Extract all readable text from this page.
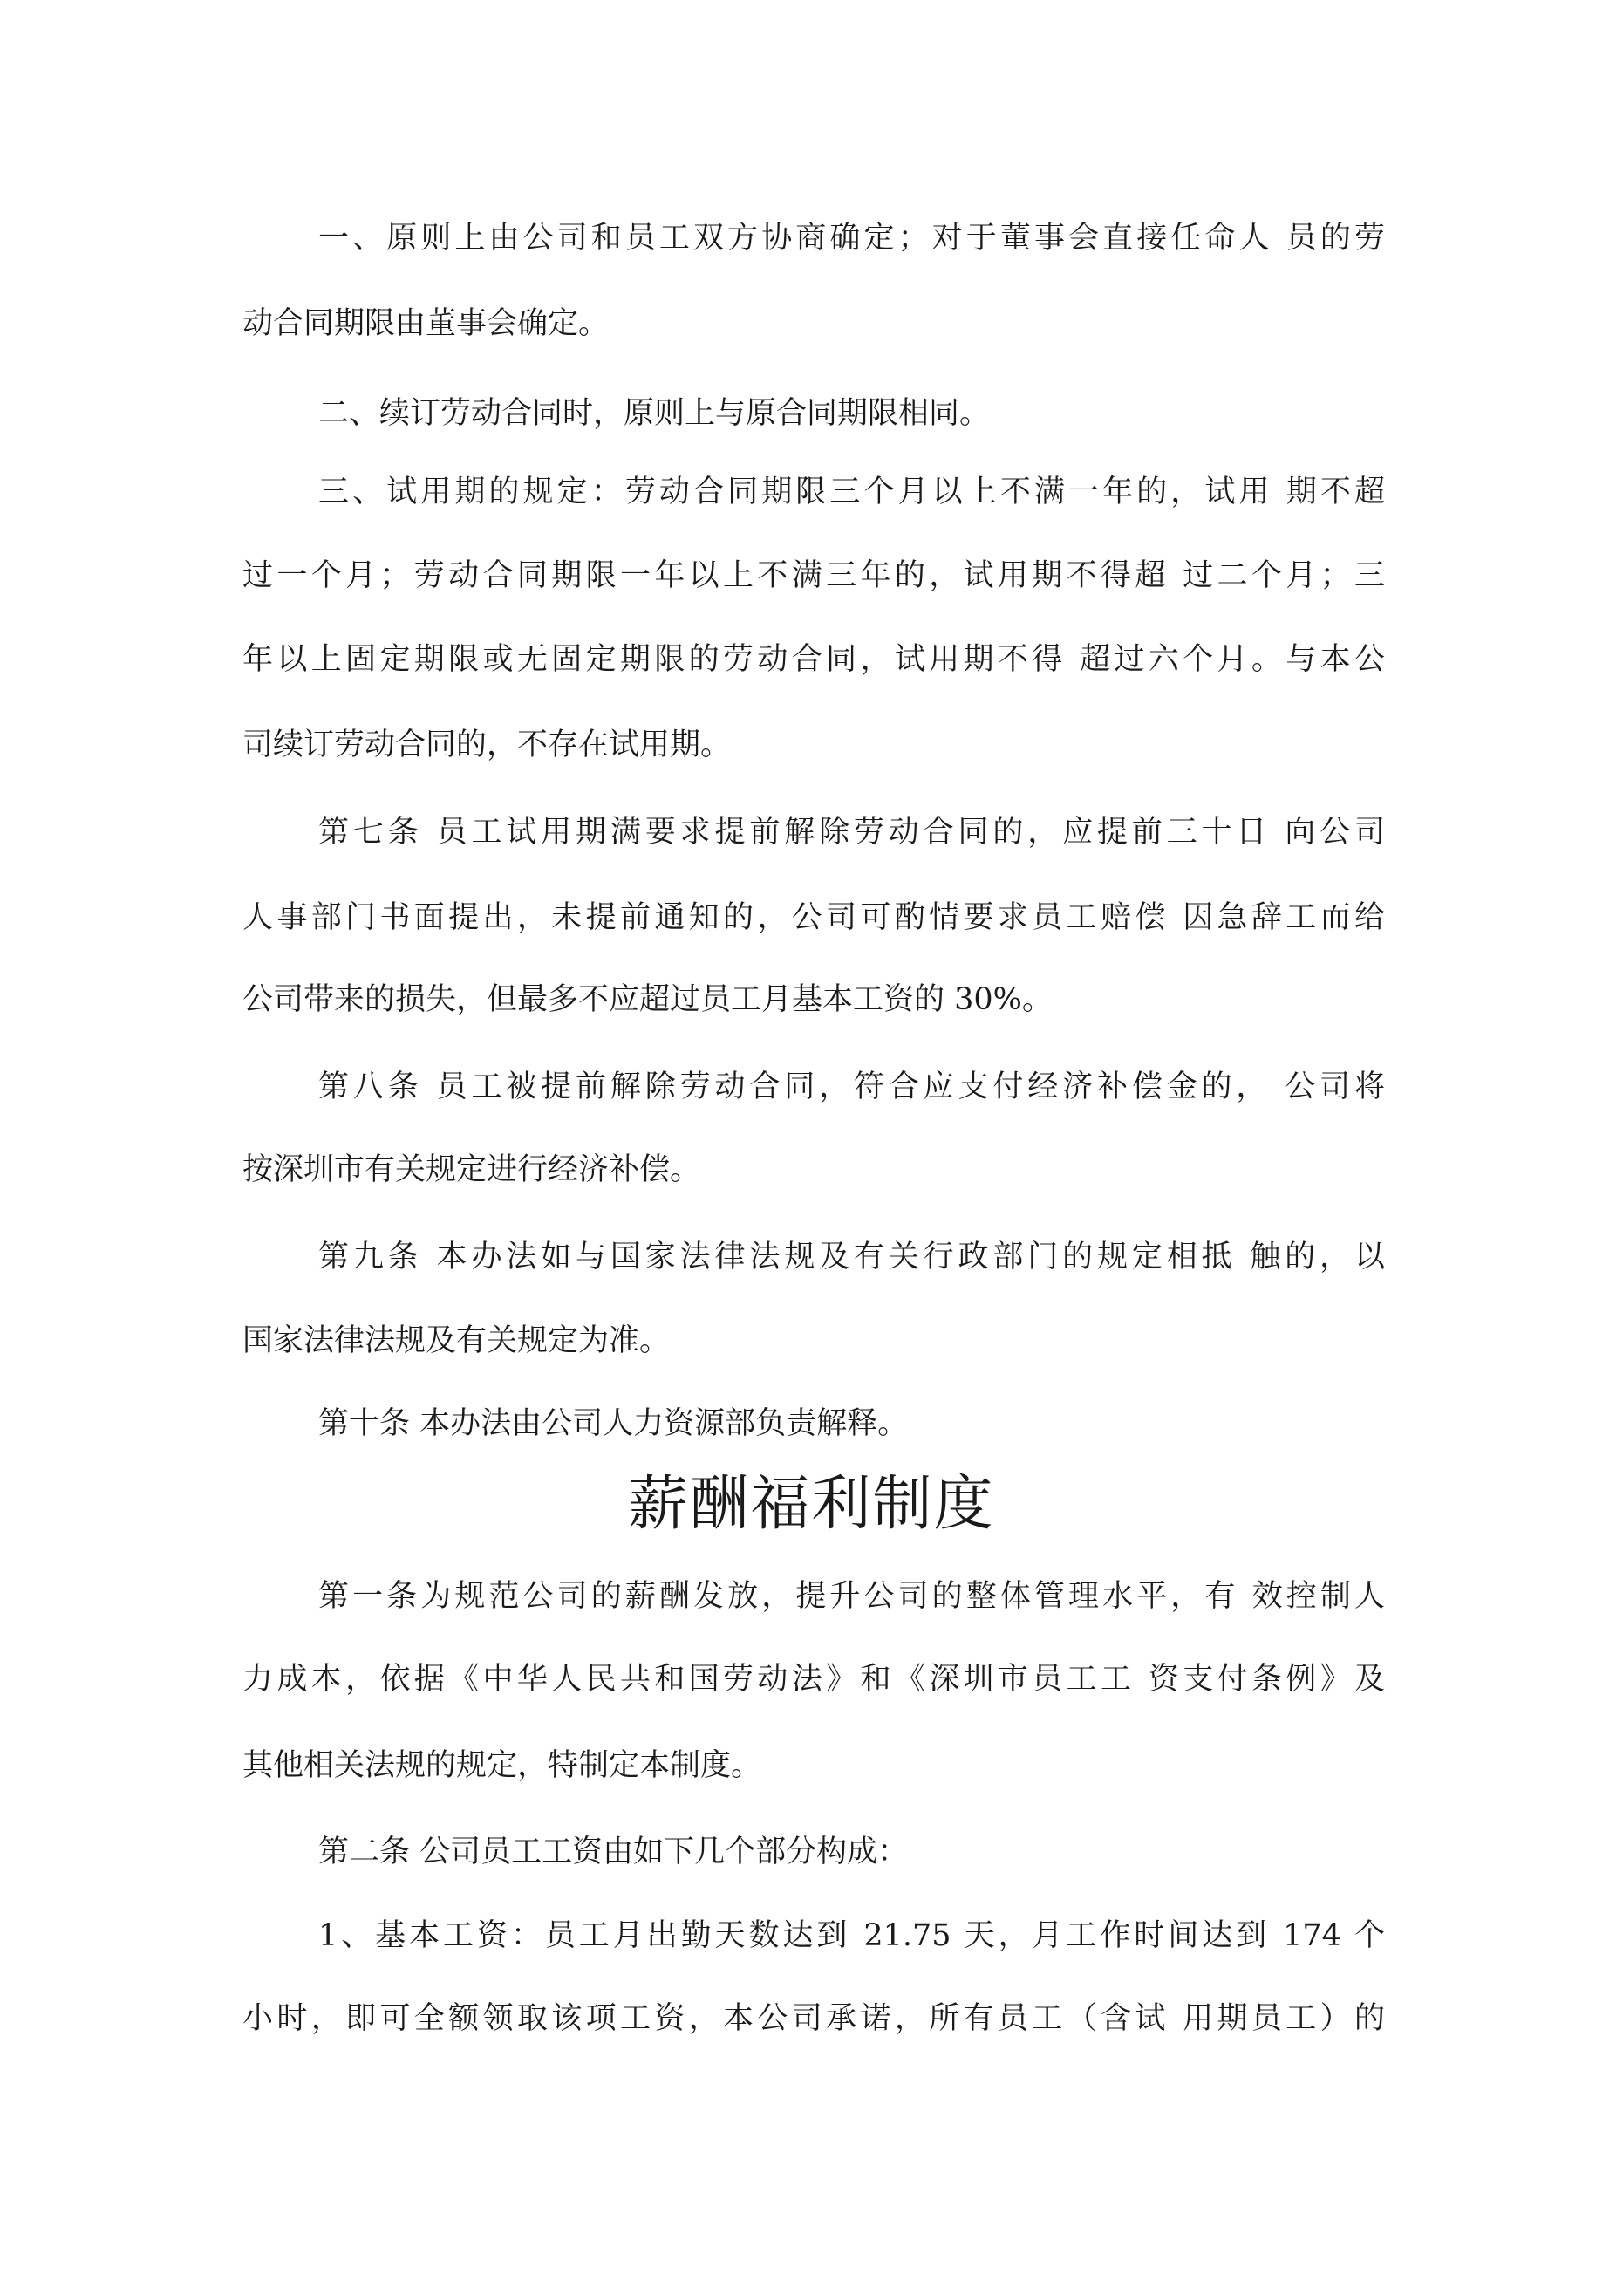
一、原则上由公司和员工双方协商确定；对于董事会直接任命人 员的劳
动合同期限由董事会确定。
二、续订劳动合同时，原则上与原合同期限相同。
三、试用期的规定：劳动合同期限三个月以上不满一年的，试用 期不超
过一个月；劳动合同期限一年以上不满三年的，试用期不得超 过二个月；三
年以上固定期限或无固定期限的劳动合同，试用期不得 超过六个月。与本公
司续订劳动合同的，不存在试用期。
第七条 员工试用期满要求提前解除劳动合同的，应提前三十日 向公司
人事部门书面提出，未提前通知的，公司可酌情要求员工赔偿 因急辞工而给
公司带来的损失，但最多不应超过员工月基本工资的 30%。
第八条 员工被提前解除劳动合同，符合应支付经济补偿金的， 公司将
按深圳市有关规定进行经济补偿。
第九条 本办法如与国家法律法规及有关行政部门的规定相抵 触的，以
国家法律法规及有关规定为准。
第十条 本办法由公司人力资源部负责解释。
薪酬福利制度
第一条为规范公司的薪酬发放，提升公司的整体管理水平，有 效控制人
力成本，依据《中华人民共和国劳动法》和《深圳市员工工 资支付条例》及
其他相关法规的规定，特制定本制度。
第二条 公司员工工资由如下几个部分构成：
1、基本工资：员工月出勤天数达到 21.75 天，月工作时间达到 174 个
小时，即可全额领取该项工资，本公司承诺，所有员工（含试 用期员工）的
